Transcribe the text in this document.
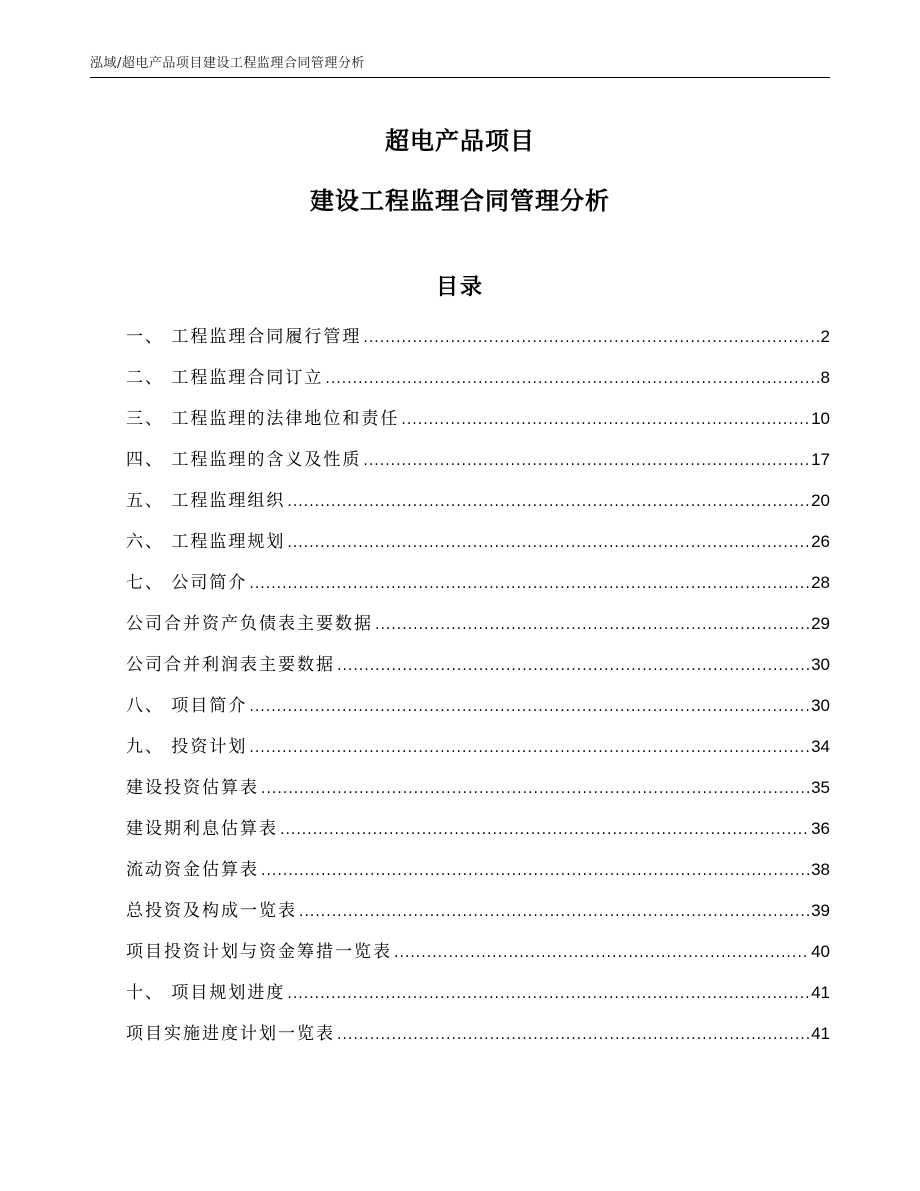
泓域/超电产品项目建设工程监理合同管理分析
超电产品项目
建设工程监理合同管理分析
目录
一、 工程监理合同履行管理 .....	2
二、 工程监理合同订立 .....	8
三、 工程监理的法律地位和责任 .....	10
四、 工程监理的含义及性质 .....	17
五、 工程监理组织 .....	20
六、 工程监理规划 .....	26
七、 公司简介 .....	28
公司合并资产负债表主要数据 .....	29
公司合并利润表主要数据 .....	30
八、 项目简介 .....	30
九、 投资计划 .....	34
建设投资估算表 .....	35
建设期利息估算表 .....	36
流动资金估算表 .....	38
总投资及构成一览表 .....	39
项目投资计划与资金筹措一览表 .....	40
十、 项目规划进度 .....	41
项目实施进度计划一览表 .....	41
